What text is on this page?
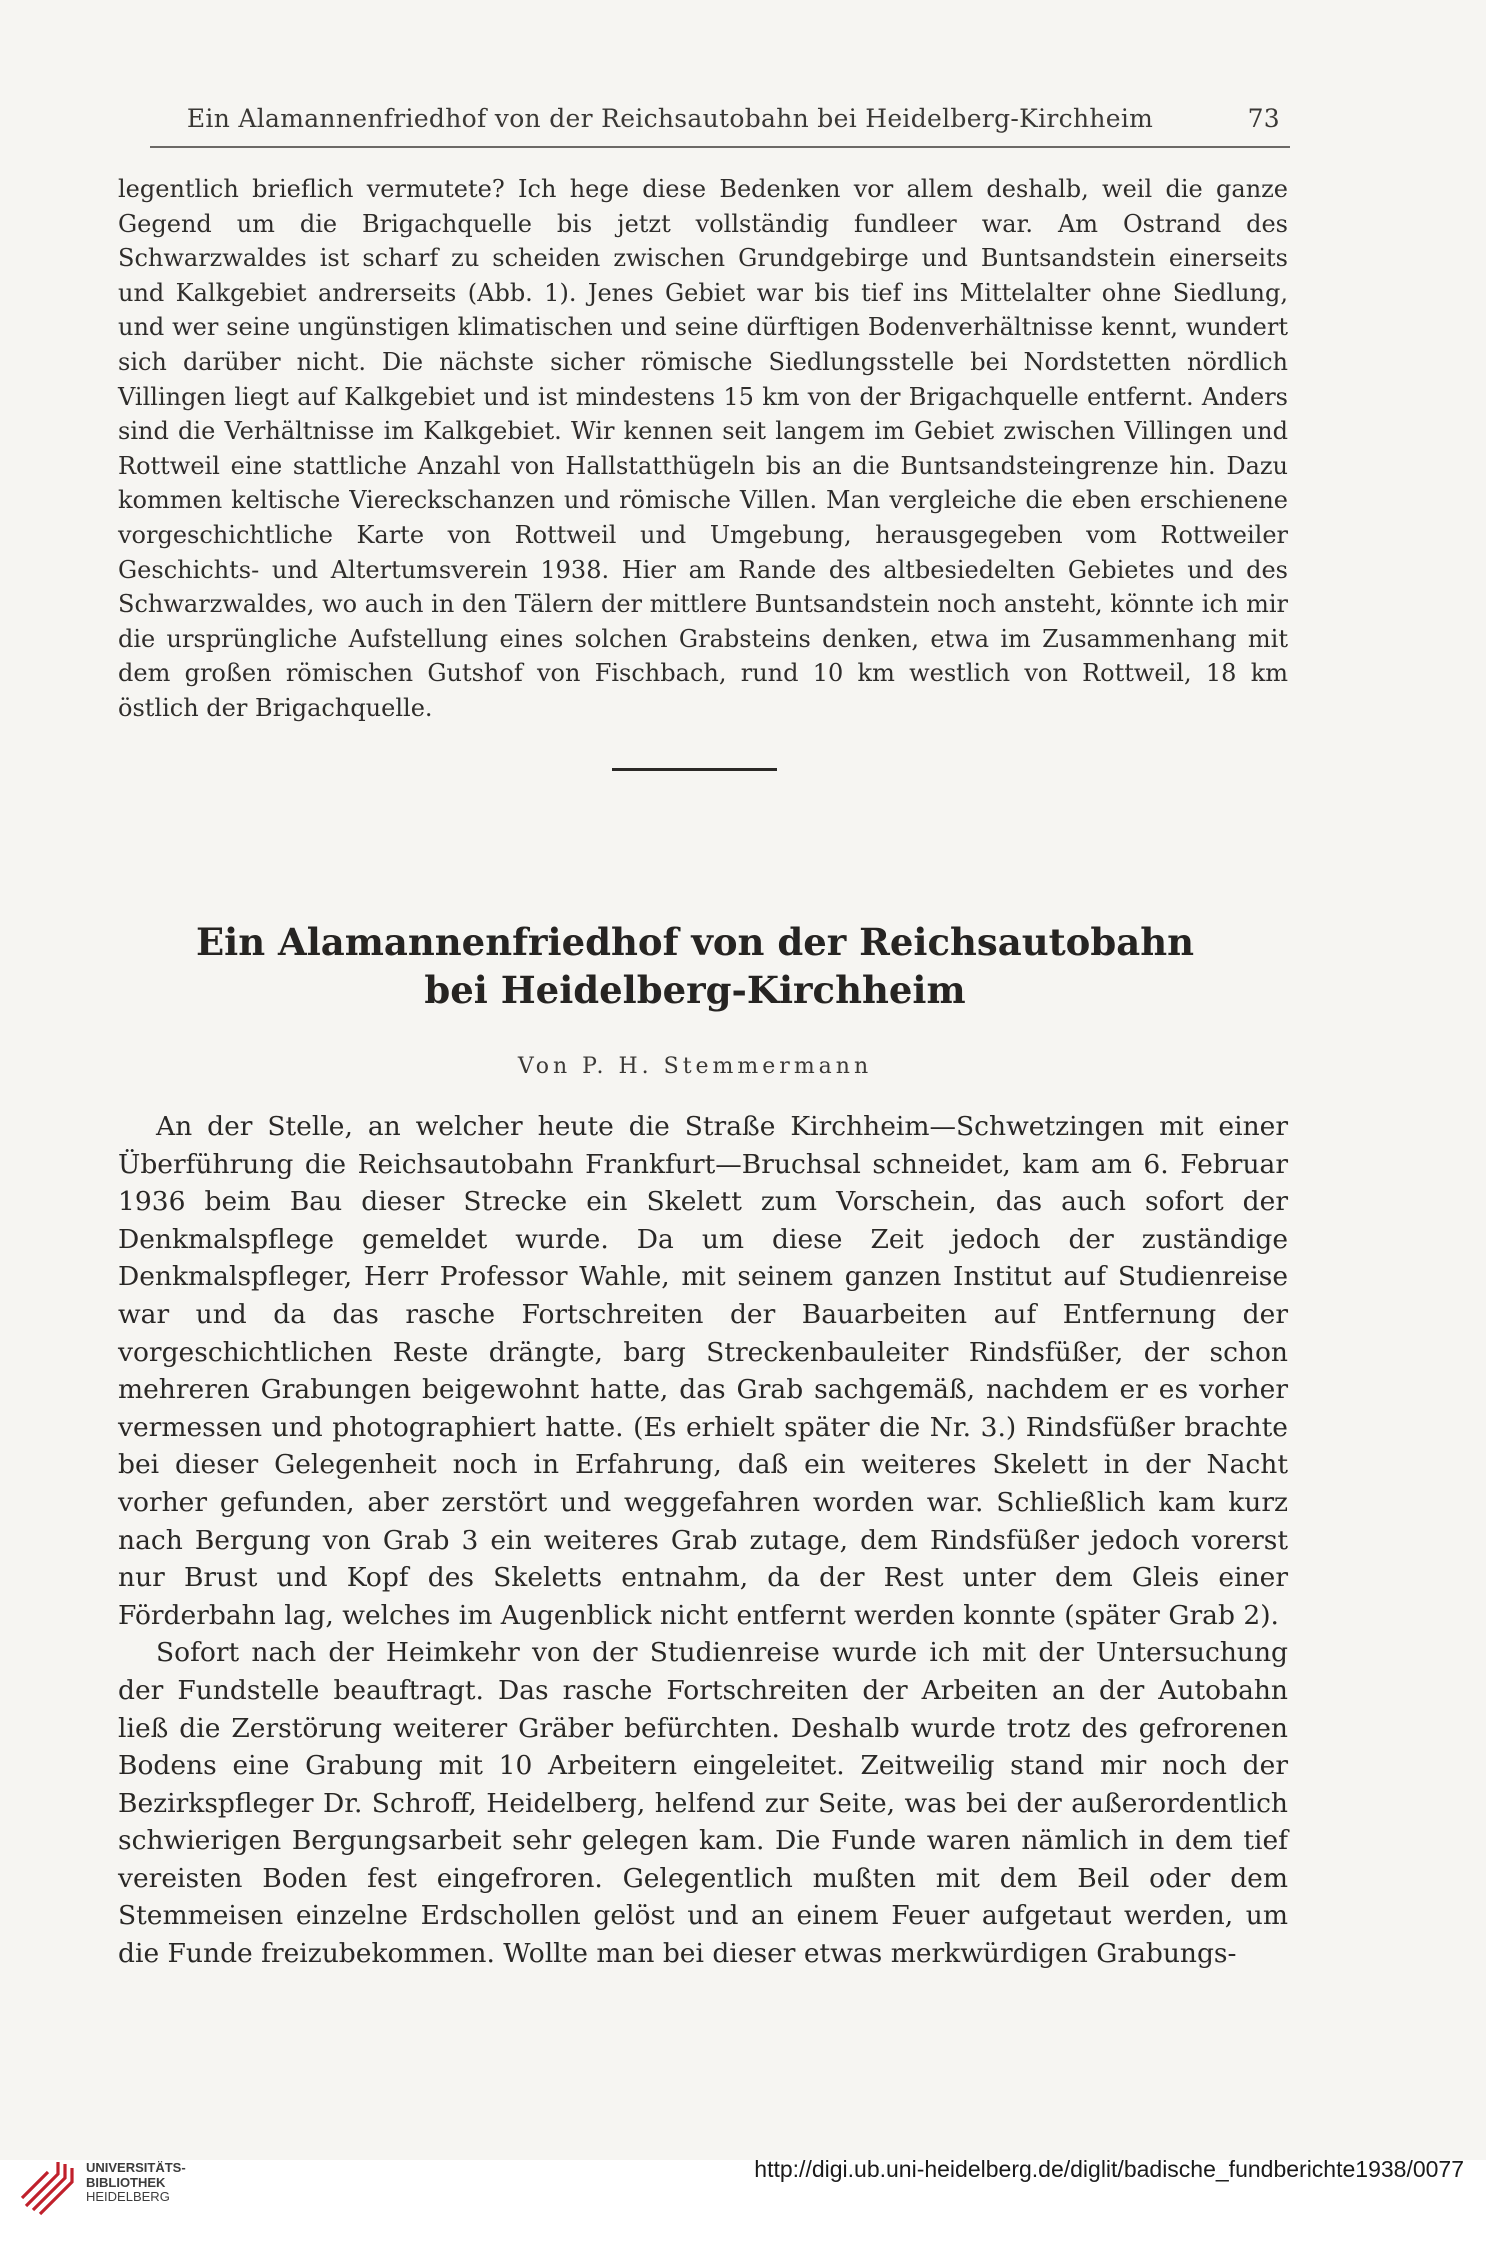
Ein Alamannenfriedhof von der Reichsautobahn bei Heidelberg-Kirchheim	73
legentlich brieflich vermutete? Ich hege diese Bedenken vor allem deshalb, weil die ganze Gegend um die Brigachquelle bis jetzt vollständig fundleer war. Am Ostrand des Schwarzwaldes ist scharf zu scheiden zwischen Grundgebirge und Buntsandstein einerseits und Kalkgebiet andrerseits (Abb. 1). Jenes Gebiet war bis tief ins Mittelalter ohne Siedlung, und wer seine ungünstigen klimatischen und seine dürftigen Bodenverhältnisse kennt, wundert sich darüber nicht. Die nächste sicher römische Siedlungsstelle bei Nordstetten nördlich Villingen liegt auf Kalkgebiet und ist mindestens 15 km von der Brigachquelle entfernt. Anders sind die Verhältnisse im Kalkgebiet. Wir kennen seit langem im Gebiet zwischen Villingen und Rottweil eine stattliche Anzahl von Hallstatthügeln bis an die Buntsandsteingrenze hin. Dazu kommen keltische Viereckschanzen und römische Villen. Man vergleiche die eben erschienene vorgeschichtliche Karte von Rottweil und Umgebung, herausgegeben vom Rottweiler Geschichts- und Altertumsverein 1938. Hier am Rande des altbesiedelten Gebietes und des Schwarzwaldes, wo auch in den Tälern der mittlere Buntsandstein noch ansteht, könnte ich mir die ursprüngliche Aufstellung eines solchen Grabsteins denken, etwa im Zusammenhang mit dem großen römischen Gutshof von Fischbach, rund 10 km westlich von Rottweil, 18 km östlich der Brigachquelle.
Ein Alamannenfriedhof von der Reichsautobahn
bei Heidelberg-Kirchheim
Von P. H. Stemmermann

An der Stelle, an welcher heute die Straße Kirchheim—Schwetzingen mit einer Überführung die Reichsautobahn Frankfurt—Bruchsal schneidet, kam am 6. Februar 1936 beim Bau dieser Strecke ein Skelett zum Vorschein, das auch sofort der Denkmalspflege gemeldet wurde. Da um diese Zeit jedoch der zuständige Denkmalspfleger, Herr Professor Wahle, mit seinem ganzen Institut auf Studienreise war und da das rasche Fortschreiten der Bauarbeiten auf Entfernung der vorgeschichtlichen Reste drängte, barg Streckenbauleiter Rindsfüßer, der schon mehreren Grabungen beigewohnt hatte, das Grab sachgemäß, nachdem er es vorher vermessen und photographiert hatte. (Es erhielt später die Nr. 3.) Rindsfüßer brachte bei dieser Gelegenheit noch in Erfahrung, daß ein weiteres Skelett in der Nacht vorher gefunden, aber zerstört und weggefahren worden war. Schließlich kam kurz nach Bergung von Grab 3 ein weiteres Grab zutage, dem Rindsfüßer jedoch vorerst nur Brust und Kopf des Skeletts entnahm, da der Rest unter dem Gleis einer Förderbahn lag, welches im Augenblick nicht entfernt werden konnte (später Grab 2).

Sofort nach der Heimkehr von der Studienreise wurde ich mit der Untersuchung der Fundstelle beauftragt. Das rasche Fortschreiten der Arbeiten an der Autobahn ließ die Zerstörung weiterer Gräber befürchten. Deshalb wurde trotz des gefrorenen Bodens eine Grabung mit 10 Arbeitern eingeleitet. Zeitweilig stand mir noch der Bezirkspfleger Dr. Schroff, Heidelberg, helfend zur Seite, was bei der außerordentlich schwierigen Bergungsarbeit sehr gelegen kam. Die Funde waren nämlich in dem tief vereisten Boden fest eingefroren. Gelegentlich mußten mit dem Beil oder dem Stemmeisen einzelne Erdschollen gelöst und an einem Feuer aufgetaut werden, um die Funde freizubekommen. Wollte man bei dieser etwas merkwürdigen Grabungs-

UNIVERSITÄTS-
BIBLIOTHEK
HEIDELBERG
http://digi.ub.uni-heidelberg.de/diglit/badische_fundberichte1938/0077
